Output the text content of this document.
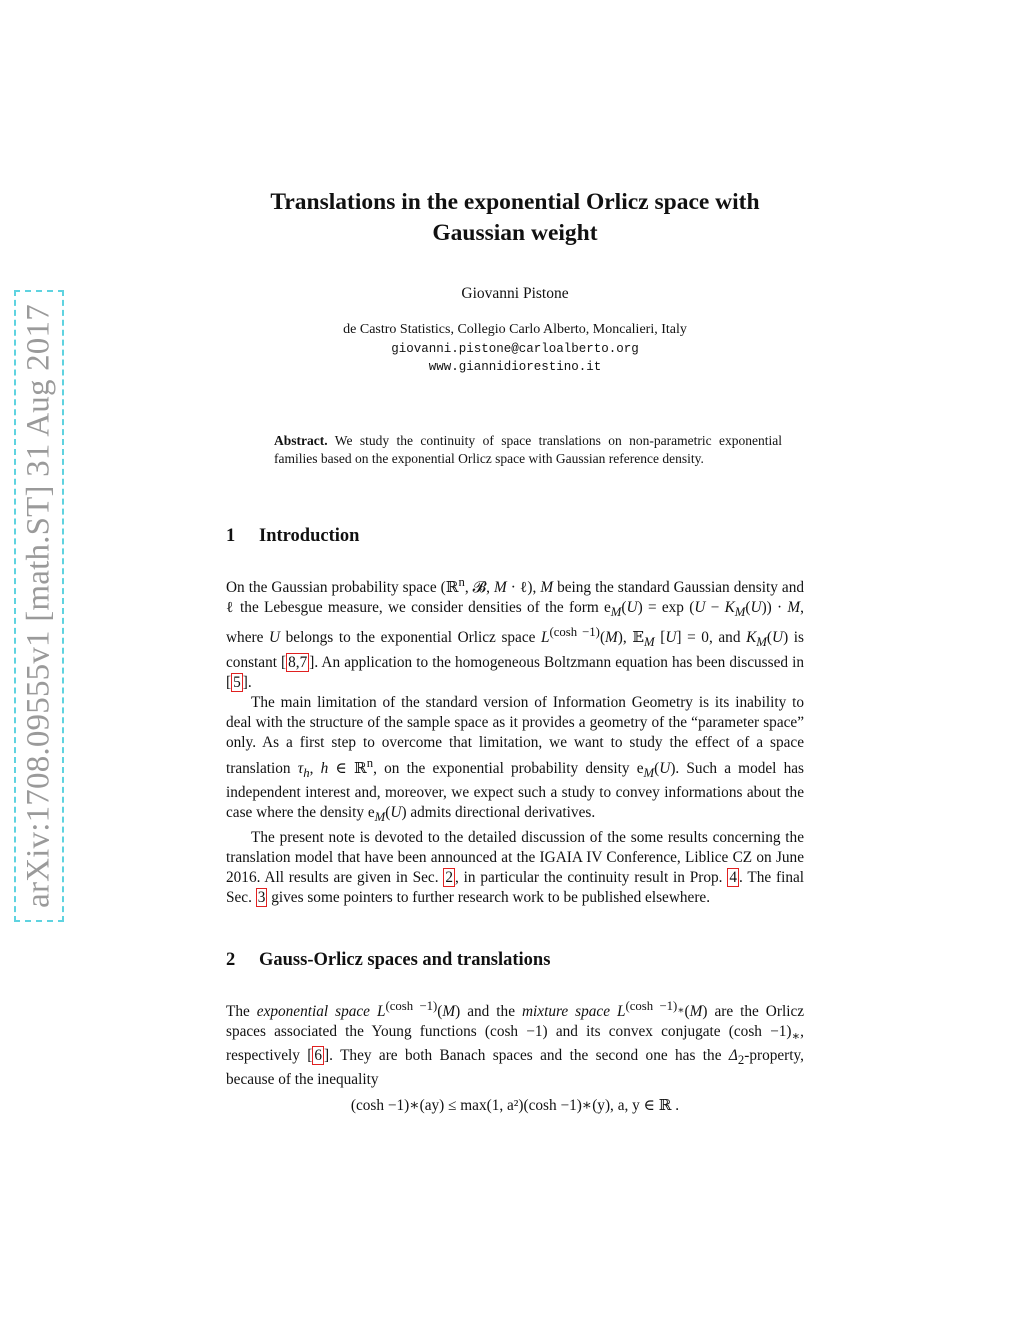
arXiv:1708.09555v1 [math.ST] 31 Aug 2017
Translations in the exponential Orlicz space with
Gaussian weight
Giovanni Pistone
de Castro Statistics, Collegio Carlo Alberto, Moncalieri, Italy
giovanni.pistone@carloalberto.org
www.giannidiorestino.it
Abstract. We study the continuity of space translations on non-parametric exponential families based on the exponential Orlicz space with Gaussian reference density.
1 Introduction

On the Gaussian probability space (ℝ$^n$, 𝓑, M · ℓ), M being the standard Gaussian density and ℓ the Lebesgue measure, we consider densities of the form $e_M(U) = \exp (U - K_M(U)) \cdot M$, where U belongs to the exponential Orlicz space $L^{(cosh -1)}(M)$, 𝔼$_M$ [U] = 0, and $K_M(U)$ is constant [ 8,7 ]. An application to the homogeneous Boltzmann equation has been discussed in [ 5 ].

The main limitation of the standard version of Information Geometry is its inability to deal with the structure of the sample space as it provides a geometry of the “parameter space” only. As a first step to overcome that limitation, we want to study the effect of a space translation $\tau_h$, h ∈ ℝ$^n$, on the exponential probability density $e_M(U)$. Such a model has independent interest and, moreover, we expect such a study to convey informations about the case where the density $e_M(U)$ admits directional derivatives.

The present note is devoted to the detailed discussion of the some results concerning the translation model that have been announced at the IGAIA IV Conference, Liblice CZ on June 2016. All results are given in Sec. 2 , in particular the continuity result in Prop. 4 . The final Sec. 3 gives some pointers to further research work to be published elsewhere.

2 Gauss-Orlicz spaces and translations

The exponential space $L^{(cosh -1)}(M)$ and the mixture space $L^{(cosh -1)_∗}(M)$ are the Orlicz spaces associated the Young functions (cosh −1) and its convex conjugate $(\cosh -1)_∗$, respectively [ 6 ]. They are both Banach spaces and the second one has the $\Delta_2$-property, because of the inequality

(cosh −1)∗(ay) ≤ max(1, a²)(cosh −1)∗(y), a, y ∈ ℝ .
